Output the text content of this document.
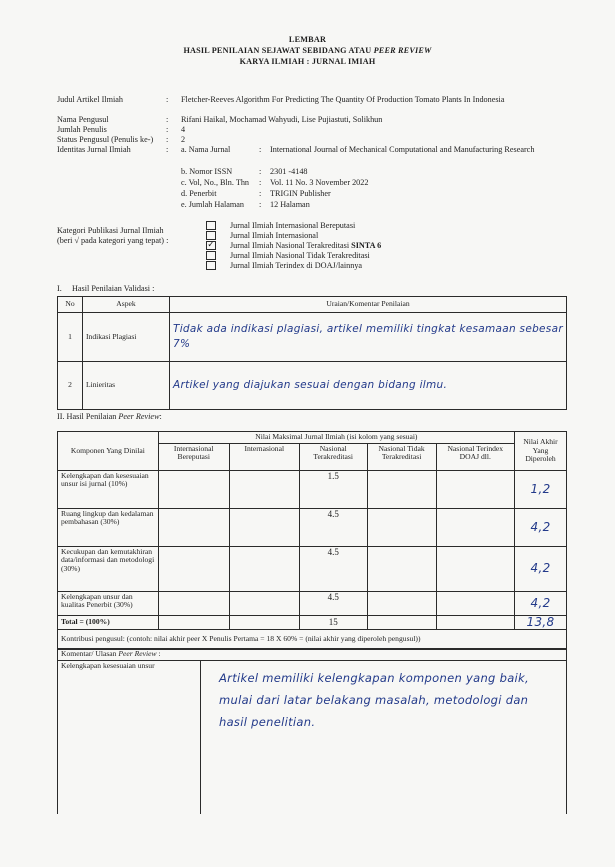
LEMBAR
HASIL PENILAIAN SEJAWAT SEBIDANG ATAU PEER REVIEW
KARYA ILMIAH : JURNAL IMIAH
Judul Artikel Ilmiah	: Fletcher-Reeves Algorithm For Predicting The Quantity Of Production Tomato Plants In Indonesia
Nama Pengusul	: Rifani Haikal, Mochamad Wahyudi, Lise Pujiastuti, Solikhun
Jumlah Penulis	: 4
Status Pengusul (Penulis ke-) : 2
Identitas Jurnal Ilmiah	: a. Nama Jurnal	: International Journal of Mechanical Computational and Manufacturing Research
b. Nomor ISSN	: 2301 -4148
c. Vol, No., Bln. Thn : Vol. 11 No. 3 November 2022
d. Penerbit	: TRIGIN Publisher
e. Jumlah Halaman : 12 Halaman
Kategori Publikasi Jurnal Ilmiah
(beri √ pada kategori yang tepat) :
Jurnal Ilmiah Internasional Bereputasi
Jurnal Ilmiah Internasional
✓ Jurnal Ilmiah Nasional Terakreditasi SINTA 6
Jurnal Ilmiah Nasional Tidak Terakreditasi
Jurnal Ilmiah Terindex di DOAJ/lainnya
I.     Hasil Penilaian Validasi :
No	Aspek	Uraian/Komentar Penilaian
1	Indikasi Plagiasi	Tidak ada indikasi plagiasi, artikel memiliki tingkat kesamaan sebesar 7%
2	Linieritas	Artikel yang diajukan sesuai dengan bidang ilmu.
II. Hasil Penilaian Peer Review:
Komponen Yang Dinilai	Nilai Maksimal Jurnal Ilmiah (isi kolom yang sesuai)					Nilai Akhir Yang Diperoleh
	Internasional Bereputasi	Internasional	Nasional Terakreditasi	Nasional Tidak Terakreditasi	Nasional Terindex DOAJ dll.	
Kelengkapan dan kesesuaian unsur isi jurnal (10%)			1.5			1,2
Ruang lingkup dan kedalaman pembahasan (30%)			4.5			4,2
Kecukupan dan kemutakhiran data/informasi dan metodologi (30%)			4.5			4,2
Kelengkapan unsur dan kualitas Penerbit (30%)			4.5			4,2
Total = (100%)			15			13,8
Kontribusi pengusul: (contoh: nilai akhir peer X Penulis Pertama = 18 X 60% = (nilai akhir yang diperoleh pengusul))						
Komentar/ Ulasan Peer Review :
Kelengkapan kesesuaian unsur	Artikel memiliki kelengkapan komponen yang baik, mulai dari latar belakang masalah, metodologi dan hasil penelitian.
